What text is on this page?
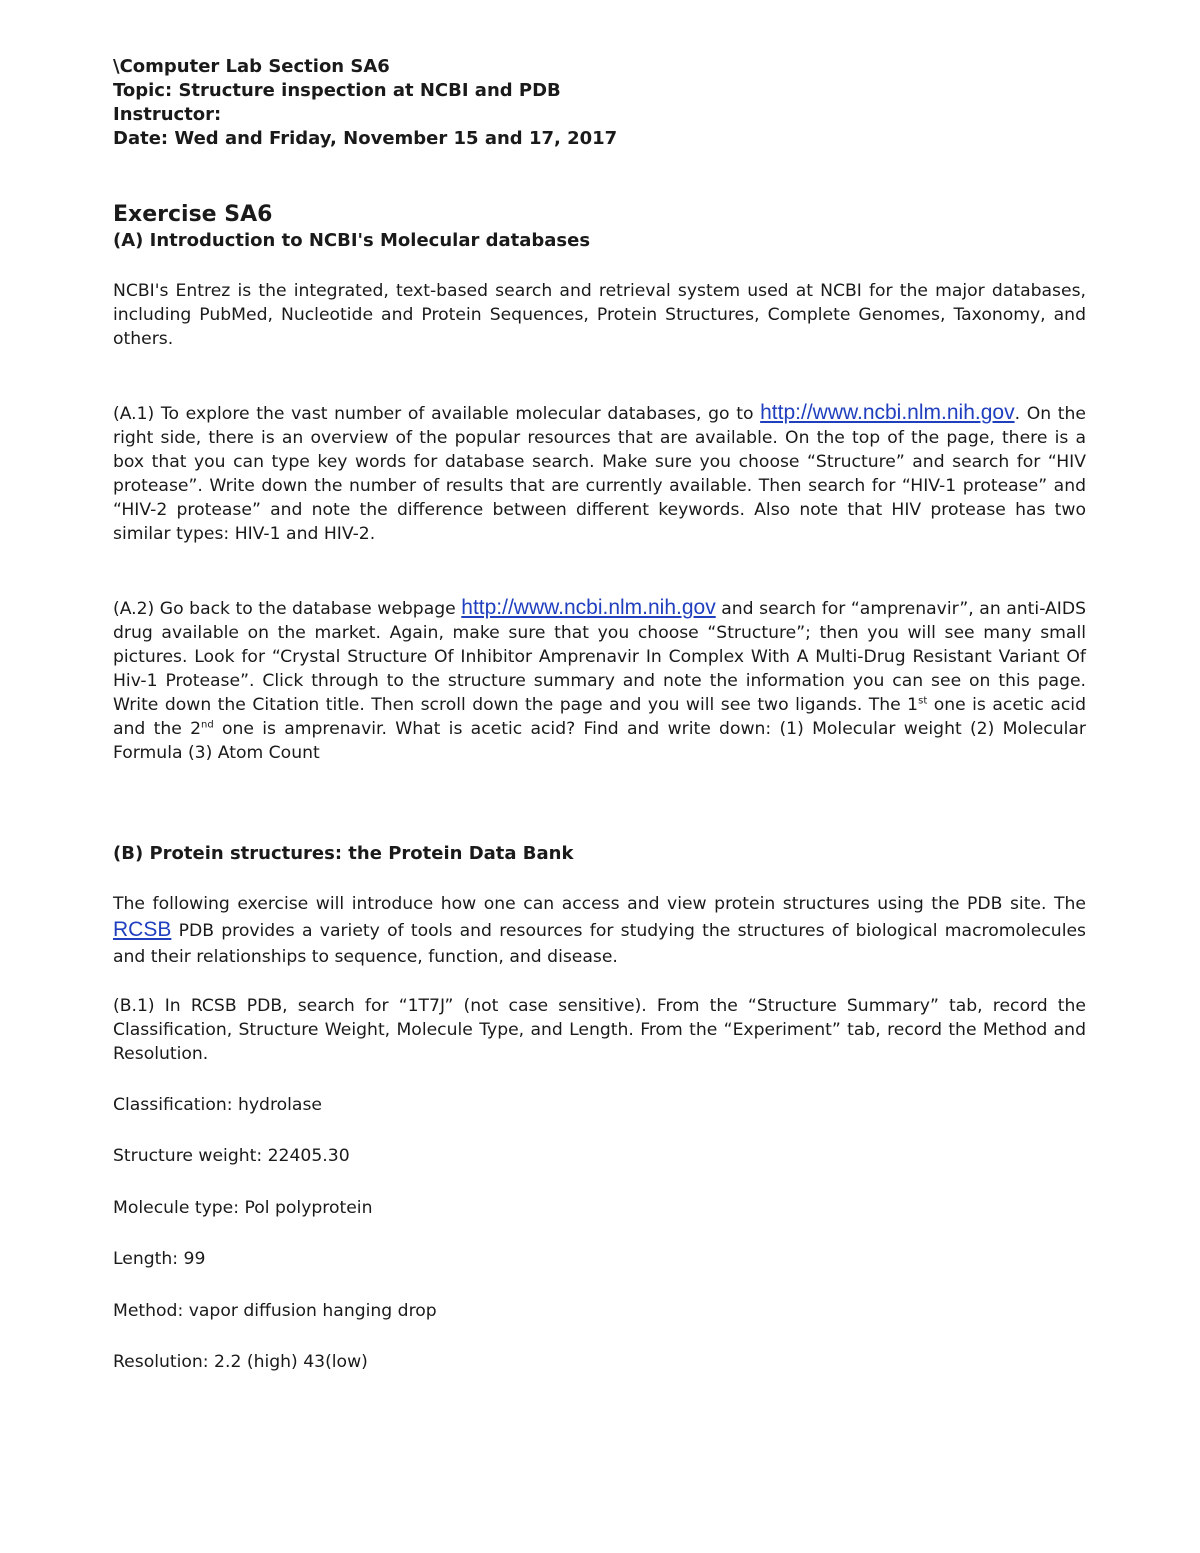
\Computer Lab Section SA6

Topic: Structure inspection at NCBI and PDB

Instructor:

Date: Wed and Friday, November 15 and 17, 2017

Exercise SA6

(A) Introduction to NCBI's Molecular databases

NCBI's Entrez is the integrated, text-based search and retrieval system used at NCBI for the major databases, including PubMed, Nucleotide and Protein Sequences, Protein Structures, Complete Genomes, Taxonomy, and others.

(A.1) To explore the vast number of available molecular databases, go to http://www.ncbi.nlm.nih.gov. On the right side, there is an overview of the popular resources that are available. On the top of the page, there is a box that you can type key words for database search. Make sure you choose “Structure” and search for “HIV protease”. Write down the number of results that are currently available. Then search for “HIV-1 protease” and “HIV-2 protease” and note the difference between different keywords. Also note that HIV protease has two similar types: HIV-1 and HIV-2.

(A.2) Go back to the database webpage http://www.ncbi.nlm.nih.gov and search for “amprenavir”, an anti-AIDS drug available on the market. Again, make sure that you choose “Structure”; then you will see many small pictures. Look for “Crystal Structure Of Inhibitor Amprenavir In Complex With A Multi-Drug Resistant Variant Of Hiv-1 Protease”. Click through to the structure summary and note the information you can see on this page. Write down the Citation title. Then scroll down the page and you will see two ligands. The 1st one is acetic acid and the 2nd one is amprenavir. What is acetic acid? Find and write down: (1) Molecular weight (2) Molecular Formula (3) Atom Count

(B) Protein structures: the Protein Data Bank

The following exercise will introduce how one can access and view protein structures using the PDB site. The RCSB PDB provides a variety of tools and resources for studying the structures of biological macromolecules and their relationships to sequence, function, and disease.

(B.1) In RCSB PDB, search for “1T7J” (not case sensitive). From the “Structure Summary” tab, record the Classification, Structure Weight, Molecule Type, and Length. From the “Experiment” tab, record the Method and Resolution.

Classification: hydrolase

Structure weight: 22405.30

Molecule type: Pol polyprotein

Length: 99

Method: vapor diffusion hanging drop

Resolution: 2.2 (high) 43(low)
